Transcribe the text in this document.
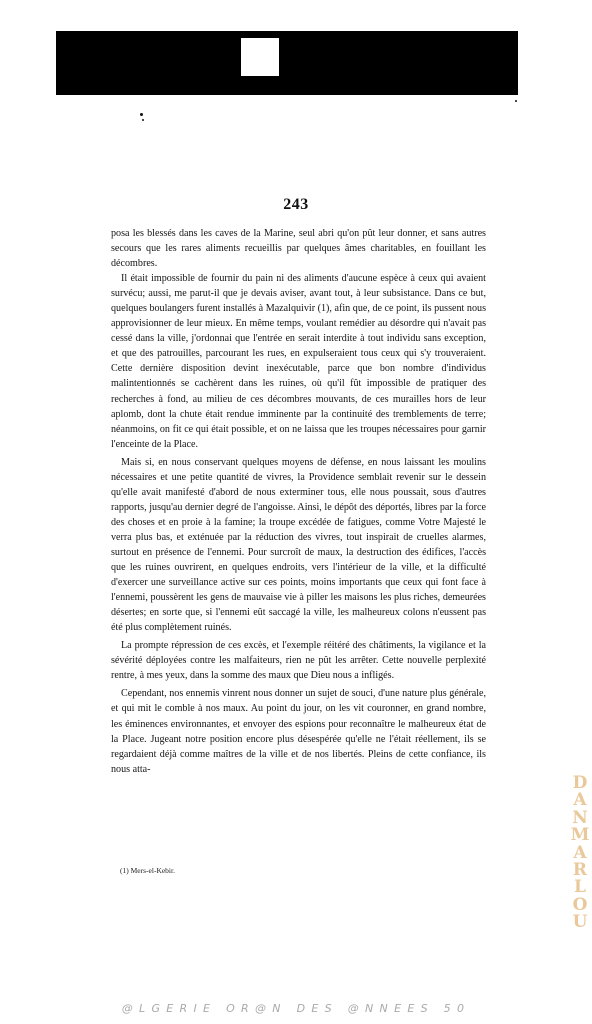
243

posa les blessés dans les caves de la Marine, seul abri qu'on pût leur donner, et sans autres secours que les rares aliments recueillis par quelques âmes charitables, en fouillant les décombres.

Il était impossible de fournir du pain ni des aliments d'aucune espèce à ceux qui avaient survécu; aussi, me parut-il que je devais aviser, avant tout, à leur subsistance. Dans ce but, quelques boulangers furent installés à Mazalquivir (1), afin que, de ce point, ils pussent nous approvisionner de leur mieux. En même temps, voulant remédier au désordre qui n'avait pas cessé dans la ville, j'ordonnai que l'entrée en serait interdite à tout individu sans exception, et que des patrouilles, parcourant les rues, en expulseraient tous ceux qui s'y trouveraient. Cette dernière disposition devint inexécutable, parce que bon nombre d'individus malintentionnés se cachèrent dans les ruines, où qu'il fût impossible de pratiquer des recherches à fond, au milieu de ces décombres mouvants, de ces murailles hors de leur aplomb, dont la chute était rendue imminente par la continuité des tremblements de terre; néanmoins, on fit ce qui était possible, et on ne laissa que les troupes nécessaires pour garnir l'enceinte de la Place.

Mais si, en nous conservant quelques moyens de défense, en nous laissant les moulins nécessaires et une petite quantité de vivres, la Providence semblait revenir sur le dessein qu'elle avait manifesté d'abord de nous exterminer tous, elle nous poussait, sous d'autres rapports, jusqu'au dernier degré de l'angoisse. Ainsi, le dépôt des déportés, libres par la force des choses et en proie à la famine; la troupe excédée de fatigues, comme Votre Majesté le verra plus bas, et exténuée par la réduction des vivres, tout inspirait de cruelles alarmes, surtout en présence de l'ennemi. Pour surcroît de maux, la destruction des édifices, l'accès que les ruines ouvrirent, en quelques endroits, vers l'intérieur de la ville, et la difficulté d'exercer une surveillance active sur ces points, moins importants que ceux qui font face à l'ennemi, poussèrent les gens de mauvaise vie à piller les maisons les plus riches, demeurées désertes; en sorte que, si l'ennemi eût saccagé la ville, les malheureux colons n'eussent pas été plus complètement ruinés.

La prompte répression de ces excès, et l'exemple réitéré des châtiments, la vigilance et la sévérité déployées contre les malfaiteurs, rien ne pût les arrêter. Cette nouvelle perplexité rentre, à mes yeux, dans la somme des maux que Dieu nous a infligés.

Cependant, nos ennemis vinrent nous donner un sujet de souci, d'une nature plus générale, et qui mit le comble à nos maux. Au point du jour, on les vit couronner, en grand nombre, les éminences environnantes, et envoyer des espions pour reconnaître le malheureux état de la Place. Jugeant notre position encore plus désespérée qu'elle ne l'était réellement, ils se regardaient déjà comme maîtres de la ville et de nos libertés. Pleins de cette confiance, ils nous atta-

(1) Mers-el-Kebir.
D
A
N
M
A
R
L
O
U
@LGERIE OR@N DES @NNEES 50
